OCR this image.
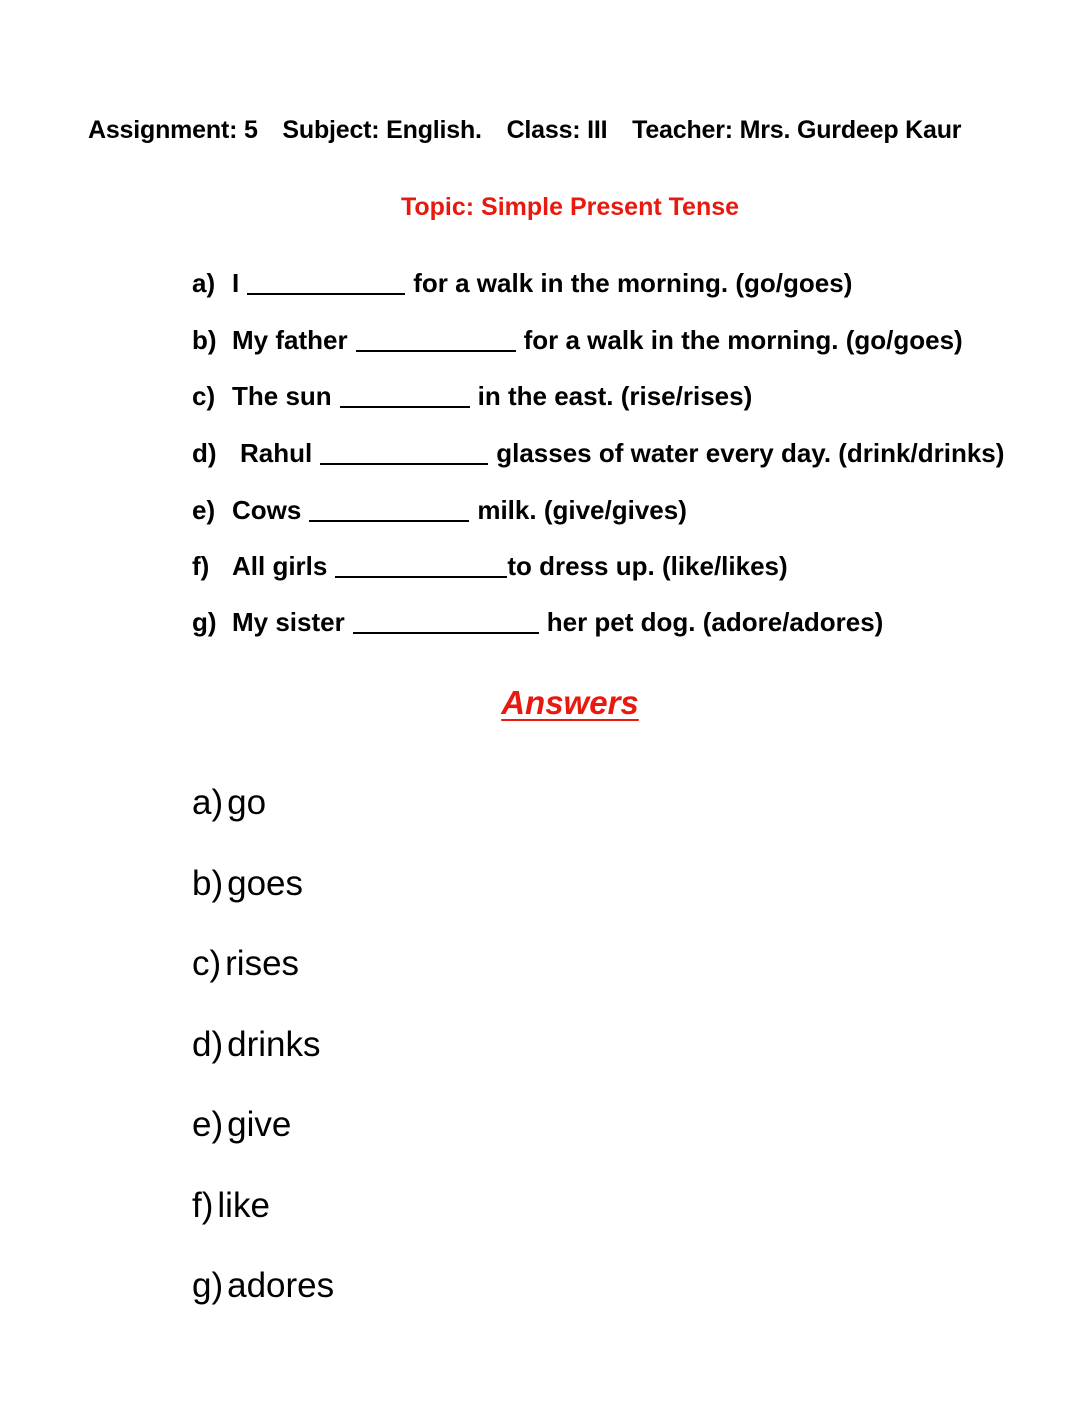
Assignment: 5 Subject: English. Class: III Teacher: Mrs. Gurdeep Kaur
Topic: Simple Present Tense
a) I	for a walk in the morning. (go/goes)
b) My father	for a walk in the morning. (go/goes)
c) The sun	in the east. (rise/rises)
d) Rahul	glasses of water every day. (drink/drinks)
e) Cows	milk. (give/gives)
f) All girls	to dress up. (like/likes)
g) My sister	her pet dog. (adore/adores)
Answers
a) go
b) goes
c) rises
d) drinks
e) give
f) like
g) adores
